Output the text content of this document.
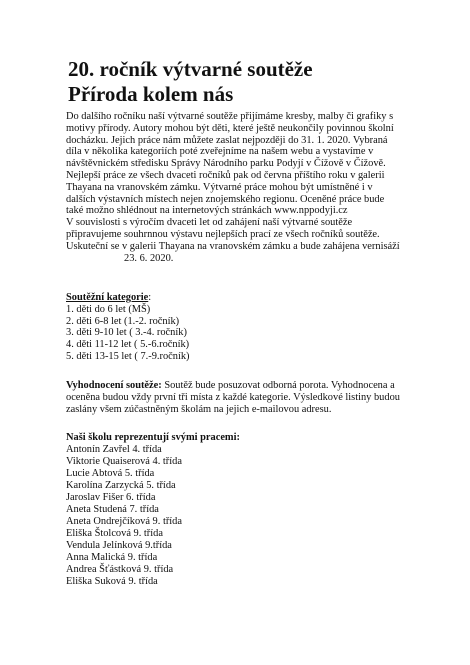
20. ročník výtvarné soutěže
Příroda kolem nás
Do dalšího ročníku naší výtvarné soutěže přijímáme kresby, malby či grafiky s
motivy přírody. Autory mohou být děti, které ještě neukončily povinnou školní
docházku. Jejich práce nám můžete zaslat nejpozději do 31. 1. 2020. Vybraná
díla v několika kategoriích poté zveřejníme na našem webu a vystavíme v
návštěvnickém středisku Správy Národního parku Podyjí v Čížově v Čížově.
Nejlepší práce ze všech dvaceti ročníků pak od června příštího roku v galerii
Thayana na vranovském zámku. Výtvarné práce mohou být umístněné i v
dalších výstavních místech nejen znojemského regionu. Oceněné práce bude
také možno shlédnout na internetových stránkách www.nppodyji.cz
V souvislosti s výročím dvaceti let od zahájení naší výtvarné soutěže
připravujeme souhrnnou výstavu nejlepších prací ze všech ročníků soutěže.
Uskuteční se v galerii Thayana na vranovském zámku a bude zahájena vernisáží
23. 6. 2020.
Soutěžní kategorie:
1. děti do 6 let (MŠ)
2. děti 6-8 let (1.-2. ročník)
3. děti 9-10 let ( 3.-4. ročník)
4. děti 11-12 let ( 5.-6.ročník)
5. děti 13-15 let ( 7.-9.ročník)
Vyhodnocení soutěže: Soutěž bude posuzovat odborná porota. Vyhodnocena a
oceněna budou vždy první tři místa z každé kategorie. Výsledkové listiny budou
zaslány všem zúčastněným školám na jejich e-mailovou adresu.
Naši školu reprezentují svými pracemi:
Antonín Zavřel 4. třída
Viktorie Quaiserová 4. třída
Lucie Abtová 5. třída
Karolína Zarzycká 5. třída
Jaroslav Fišer 6. třída
Aneta Studená 7. třída
Aneta Ondrejčíková 9. třída
Eliška Štolcová 9. třída
Vendula Jelínková 9.třída
Anna Malická 9. třída
Andrea Šťástková 9. třída
Eliška Suková 9. třída
